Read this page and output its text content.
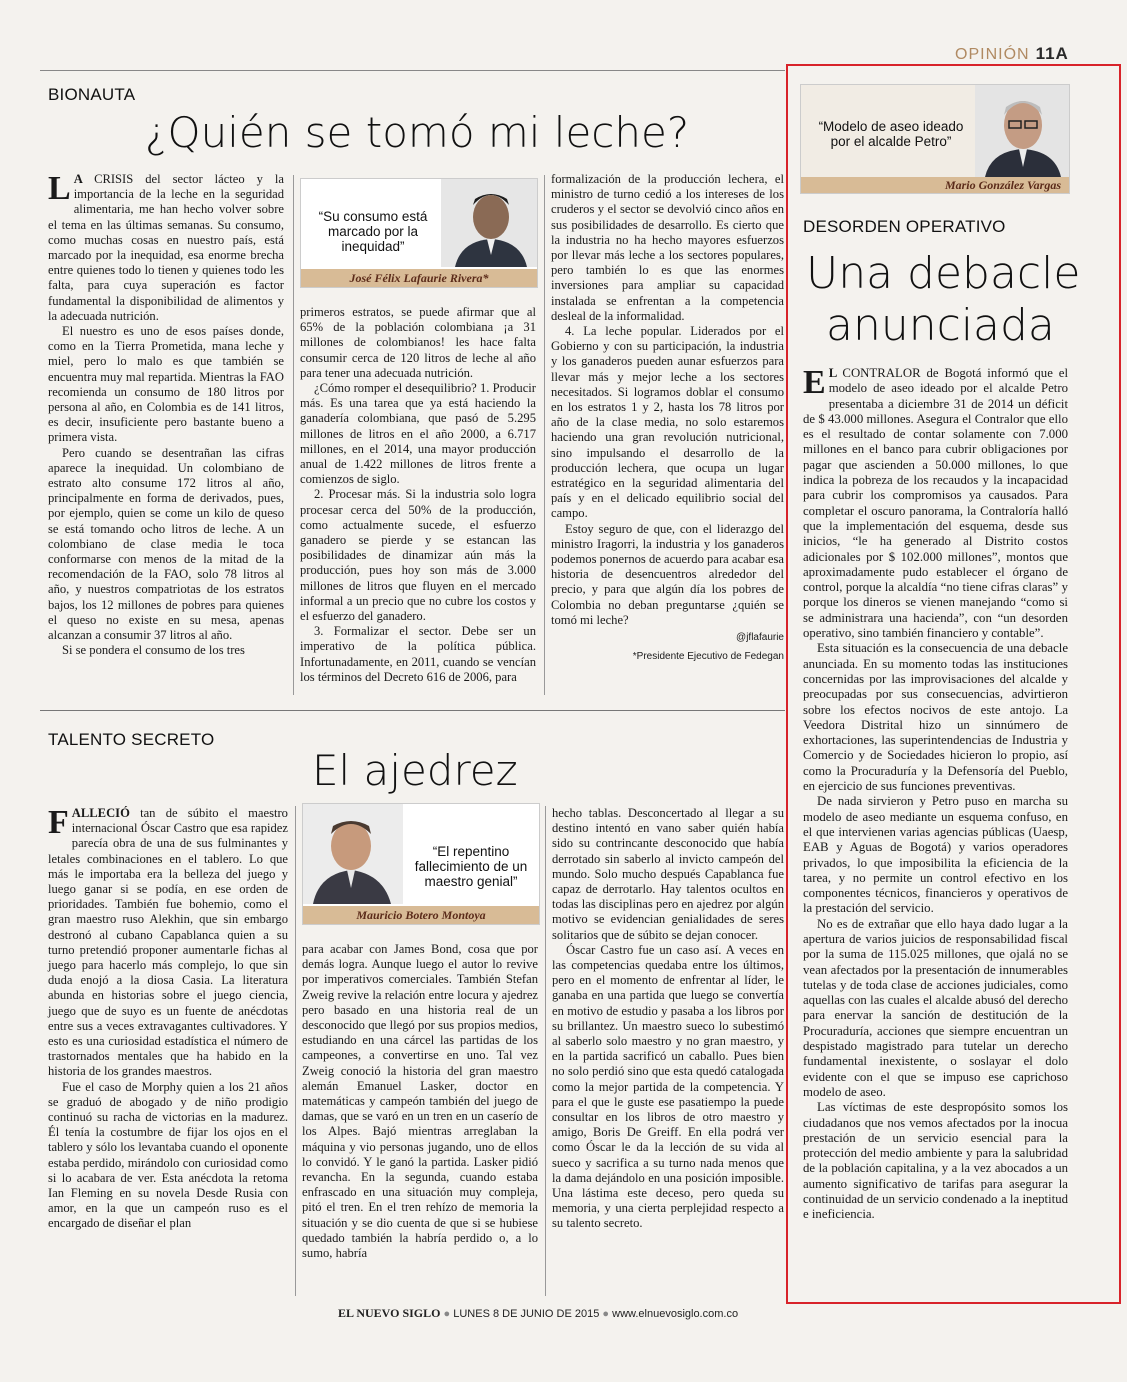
OPINIÓN 11A
BIONAUTA
¿Quién se tomó mi leche?

L A CRISIS del sector lácteo y la importancia de la leche en la seguridad alimentaria, me han hecho volver sobre el tema en las últimas semanas. Su consumo, como muchas cosas en nuestro país, está marcado por la inequidad, esa enorme brecha entre quienes todo lo tienen y quienes todo les falta, para cuya superación es factor fundamental la disponibilidad de alimentos y la adecuada nutrición.

El nuestro es uno de esos países donde, como en la Tierra Prometida, mana leche y miel, pero lo malo es que también se encuentra muy mal repartida. Mientras la FAO recomienda un consumo de 180 litros por persona al año, en Colombia es de 141 litros, es decir, insuficiente pero bastante bueno a primera vista.

Pero cuando se desentrañan las cifras aparece la inequidad. Un colombiano de estrato alto consume 172 litros al año, principalmente en forma de derivados, pues, por ejemplo, quien se come un kilo de queso se está tomando ocho litros de leche. A un colombiano de clase media le toca conformarse con menos de la mitad de la recomendación de la FAO, solo 78 litros al año, y nuestros compatriotas de los estratos bajos, los 12 millones de pobres para quienes el queso no existe en su mesa, apenas alcanzan a consumir 37 litros al año.

Si se pondera el consumo de los tres

“Su consumo está marcado por la inequidad”
José Félix Lafaurie Rivera*

primeros estratos, se puede afirmar que al 65% de la población colombiana ¡a 31 millones de colombianos! les hace falta consumir cerca de 120 litros de leche al año para tener una adecuada nutrición.

¿Cómo romper el desequilibrio? 1. Producir más. Es una tarea que ya está haciendo la ganadería colombiana, que pasó de 5.295 millones de litros en el año 2000, a 6.717 millones, en el 2014, una mayor producción anual de 1.422 millones de litros frente a comienzos de siglo.

2. Procesar más. Si la industria solo logra procesar cerca del 50% de la producción, como actualmente sucede, el esfuerzo ganadero se pierde y se estancan las posibilidades de dinamizar aún más la producción, pues hoy son más de 3.000 millones de litros que fluyen en el mercado informal a un precio que no cubre los costos y el esfuerzo del ganadero.

3. Formalizar el sector. Debe ser un imperativo de la política pública. Infortunadamente, en 2011, cuando se vencían los términos del Decreto 616 de 2006, para

formalización de la producción lechera, el ministro de turno cedió a los intereses de los cruderos y el sector se devolvió cinco años en sus posibilidades de desarrollo. Es cierto que la industria no ha hecho mayores esfuerzos por llevar más leche a los sectores populares, pero también lo es que las enormes inversiones para ampliar su capacidad instalada se enfrentan a la competencia desleal de la informalidad.

4. La leche popular. Liderados por el Gobierno y con su participación, la industria y los ganaderos pueden aunar esfuerzos para llevar más y mejor leche a los sectores necesitados. Si logramos doblar el consumo en los estratos 1 y 2, hasta los 78 litros por año de la clase media, no solo estaremos haciendo una gran revolución nutricional, sino impulsando el desarrollo de la producción lechera, que ocupa un lugar estratégico en la seguridad alimentaria del país y en el delicado equilibrio social del campo.

Estoy seguro de que, con el liderazgo del ministro Iragorri, la industria y los ganaderos podemos ponernos de acuerdo para acabar esa historia de desencuentros alrededor del precio, y para que algún día los pobres de Colombia no deban preguntarse ¿quién se tomó mi leche?

@jflafaurie
*Presidente Ejecutivo de Fedegan
TALENTO SECRETO
El ajedrez

FALLECIÓ tan de súbito el maestro internacional Óscar Castro que esa rapidez parecía obra de una de sus fulminantes y letales combinaciones en el tablero. Lo que más le importaba era la belleza del juego y luego ganar si se podía, en ese orden de prioridades. También fue bohemio, como el gran maestro ruso Alekhin, que sin embargo destronó al cubano Capablanca quien a su turno pretendió proponer aumentarle fichas al juego para hacerlo más complejo, lo que sin duda enojó a la diosa Casia. La literatura abunda en historias sobre el juego ciencia, juego que de suyo es un fuente de anécdotas entre sus a veces extravagantes cultivadores. Y esto es una curiosidad estadística el número de trastornados mentales que ha habido en la historia de los grandes maestros.

Fue el caso de Morphy quien a los 21 años se graduó de abogado y de niño prodigio continuó su racha de victorias en la madurez. Él tenía la costumbre de fijar los ojos en el tablero y sólo los levantaba cuando el oponente estaba perdido, mirándolo con curiosidad como si lo acabara de ver. Esta anécdota la retoma Ian Fleming en su novela Desde Rusia con amor, en la que un campeón ruso es el encargado de diseñar el plan

“El repentino fallecimiento de un maestro genial”
Mauricio Botero Montoya

para acabar con James Bond, cosa que por demás logra. Aunque luego el autor lo revive por imperativos comerciales. También Stefan Zweig revive la relación entre locura y ajedrez pero basado en una historia real de un desconocido que llegó por sus propios medios, estudiando en una cárcel las partidas de los campeones, a convertirse en uno. Tal vez Zweig conoció la historia del gran maestro alemán Emanuel Lasker, doctor en matemáticas y campeón también del juego de damas, que se varó en un tren en un caserío de los Alpes. Bajó mientras arreglaban la máquina y vio personas jugando, uno de ellos lo convidó. Y le ganó la partida. Lasker pidió revancha. En la segunda, cuando estaba enfrascado en una situación muy compleja, pitó el tren. En el tren rehízo de memoria la situación y se dio cuenta de que si se hubiese quedado también la habría perdido o, a lo sumo, habría

hecho tablas. Desconcertado al llegar a su destino intentó en vano saber quién había sido su contrincante desconocido que había derrotado sin saberlo al invicto campeón del mundo. Solo mucho después Capablanca fue capaz de derrotarlo. Hay talentos ocultos en todas las disciplinas pero en ajedrez por algún motivo se evidencian genialidades de seres solitarios que de súbito se dejan conocer.

Óscar Castro fue un caso así. A veces en las competencias quedaba entre los últimos, pero en el momento de enfrentar al líder, le ganaba en una partida que luego se convertía en motivo de estudio y pasaba a los libros por su brillantez. Un maestro sueco lo subestimó al saberlo solo maestro y no gran maestro, y en la partida sacrificó un caballo. Pues bien no solo perdió sino que esta quedó catalogada como la mejor partida de la competencia. Y para el que le guste ese pasatiempo la puede consultar en los libros de otro maestro y amigo, Boris De Greiff. En ella podrá ver como Óscar le da la lección de su vida al sueco y sacrifica a su turno nada menos que la dama dejándolo en una posición imposible. Una lástima este deceso, pero queda su memoria, y una cierta perplejidad respecto a su talento secreto.

“Modelo de aseo ideado por el alcalde Petro”
Mario González Vargas
DESORDEN OPERATIVO
Una debacle
anunciada

E L CONTRALOR de Bogotá informó que el modelo de aseo ideado por el alcalde Petro presentaba a diciembre 31 de 2014 un déficit de $ 43.000 millones. Asegura el Contralor que ello es el resultado de contar solamente con 7.000 millones en el banco para cubrir obligaciones por pagar que ascienden a 50.000 millones, lo que indica la pobreza de los recaudos y la incapacidad para cubrir los compromisos ya causados. Para completar el oscuro panorama, la Contraloría halló que la implementación del esquema, desde sus inicios, “le ha generado al Distrito costos adicionales por $ 102.000 millones”, montos que aproximadamente pudo establecer el órgano de control, porque la alcaldía “no tiene cifras claras” y porque los dineros se vienen manejando “como si se administrara una hacienda”, con “un desorden operativo, sino también financiero y contable”.

Esta situación es la consecuencia de una debacle anunciada. En su momento todas las instituciones concernidas por las improvisaciones del alcalde y preocupadas por sus consecuencias, advirtieron sobre los efectos nocivos de este antojo. La Veedora Distrital hizo un sinnúmero de exhortaciones, las superintendencias de Industria y Comercio y de Sociedades hicieron lo propio, así como la Procuraduría y la Defensoría del Pueblo, en ejercicio de sus funciones preventivas.

De nada sirvieron y Petro puso en marcha su modelo de aseo mediante un esquema confuso, en el que intervienen varias agencias públicas (Uaesp, EAB y Aguas de Bogotá) y varios operadores privados, lo que imposibilita la eficiencia de la tarea, y no permite un control efectivo en los componentes técnicos, financieros y operativos de la prestación del servicio.

No es de extrañar que ello haya dado lugar a la apertura de varios juicios de responsabilidad fiscal por la suma de 115.025 millones, que ojalá no se vean afectados por la presentación de innumerables tutelas y de toda clase de acciones judiciales, como aquellas con las cuales el alcalde abusó del derecho para enervar la sanción de destitución de la Procuraduría, acciones que siempre encuentran un despistado magistrado para tutelar un derecho fundamental inexistente, o soslayar el dolo evidente con el que se impuso ese caprichoso modelo de aseo.

Las víctimas de este despropósito somos los ciudadanos que nos vemos afectados por la inocua prestación de un servicio esencial para la protección del medio ambiente y para la salubridad de la población capitalina, y a la vez abocados a un aumento significativo de tarifas para asegurar la continuidad de un servicio condenado a la ineptitud e ineficiencia.

EL NUEVO SIGLO ● LUNES 8 DE JUNIO DE 2015 ● www.elnuevosiglo.com.co
